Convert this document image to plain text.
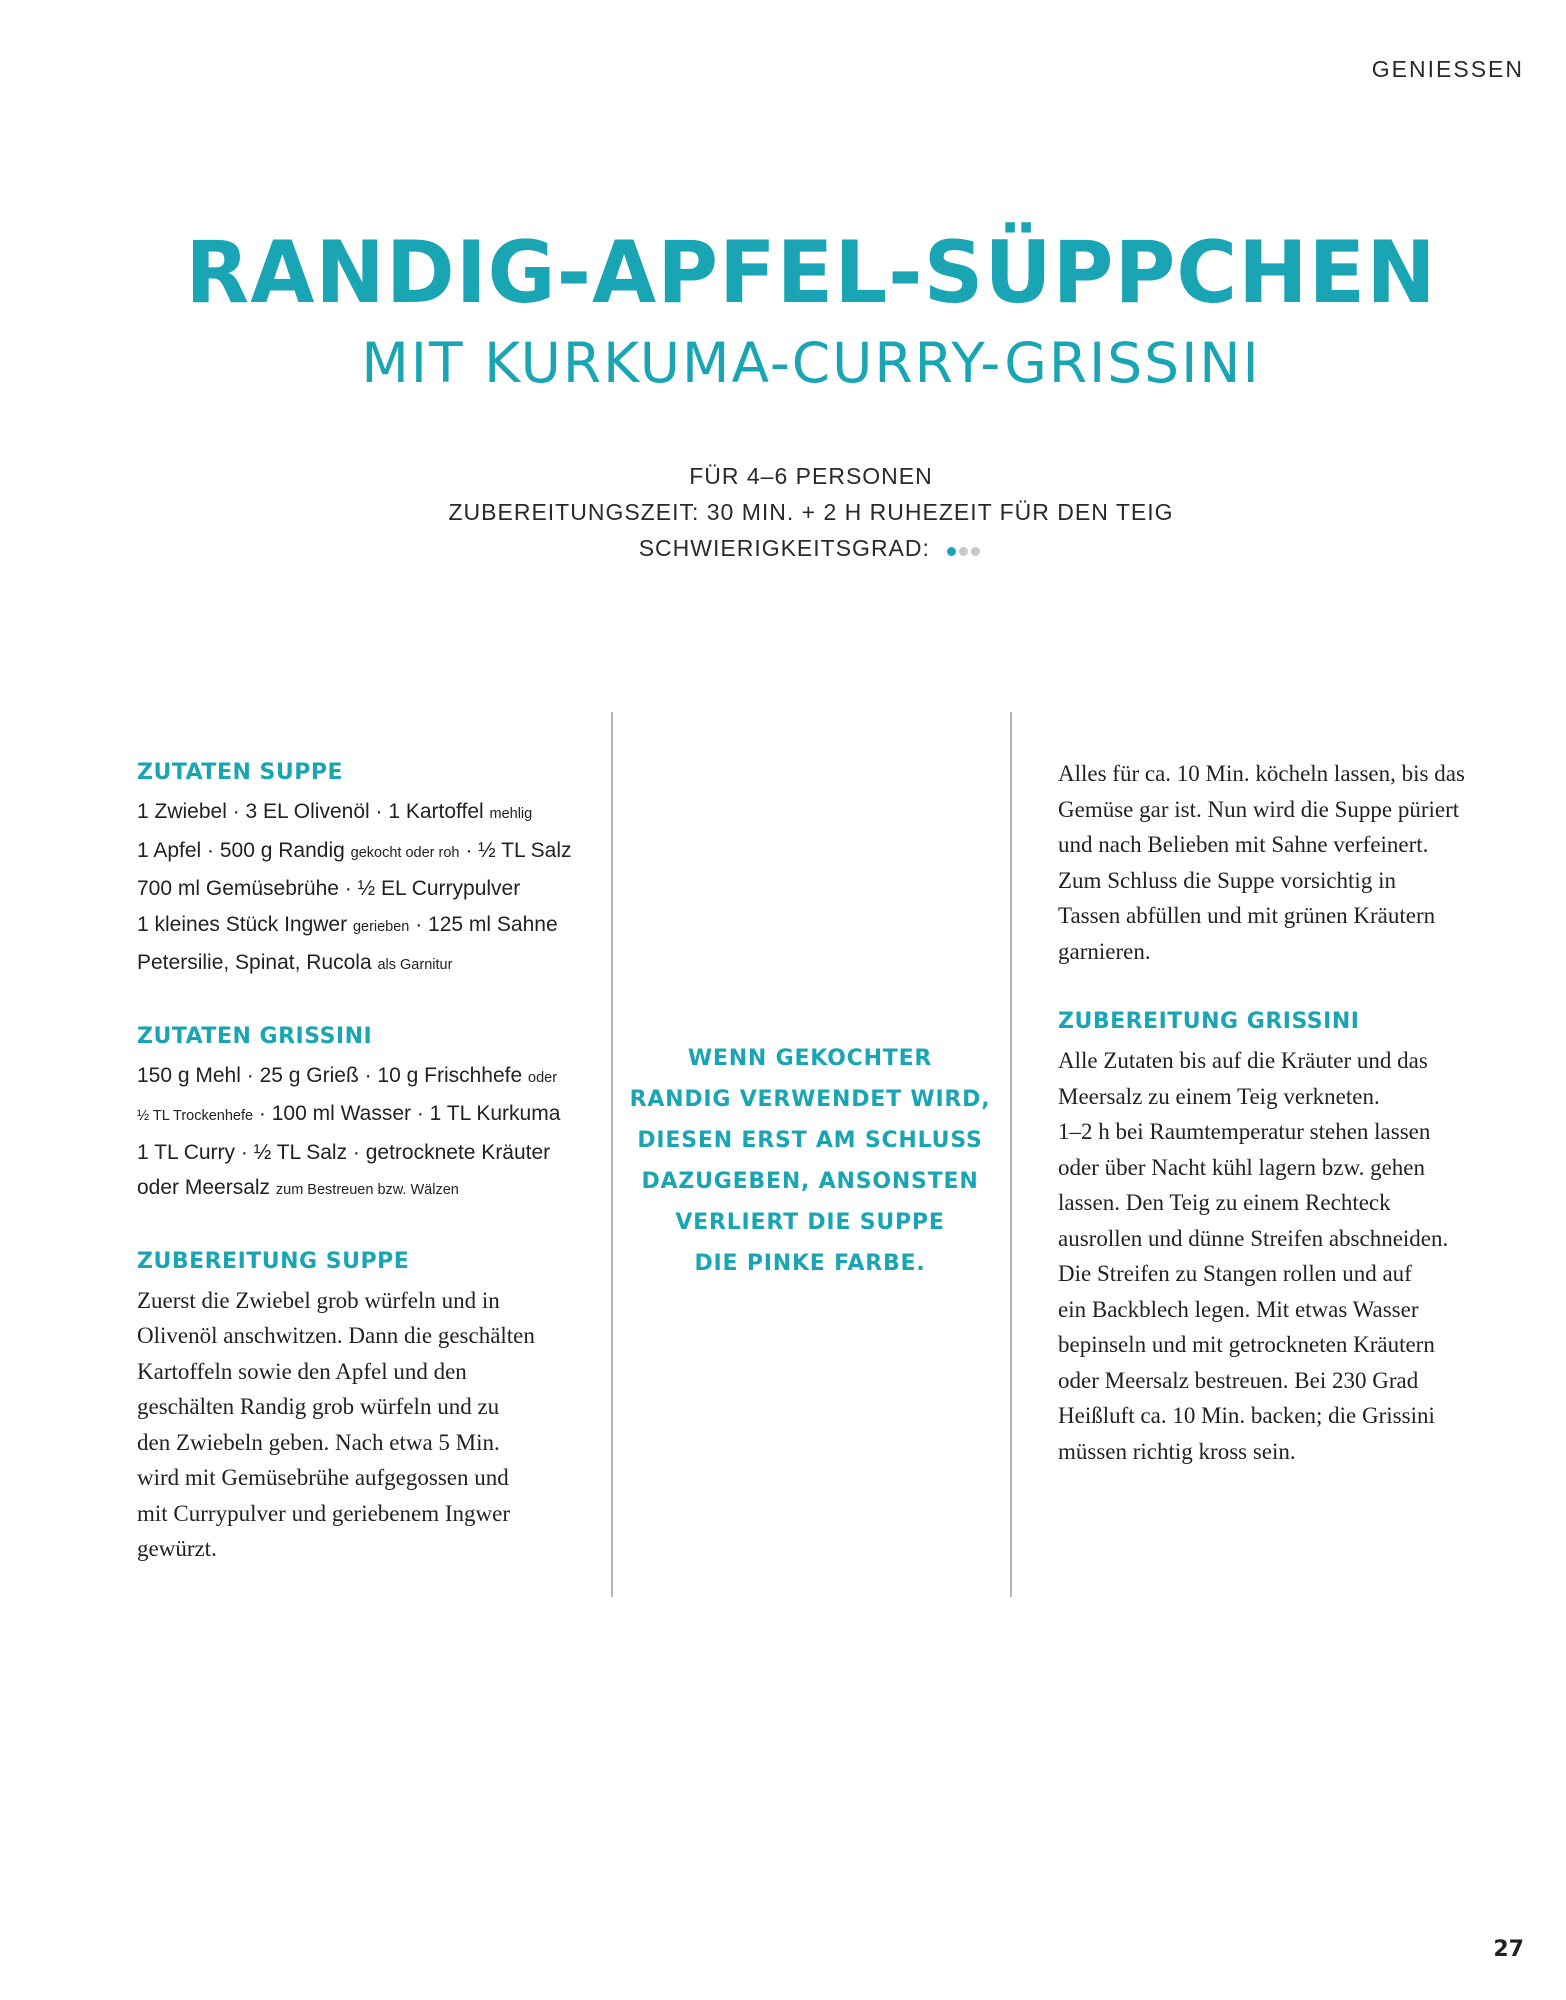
GENIESSEN
RANDIG-APFEL-SÜPPCHEN
MIT KURKUMA-CURRY-GRISSINI
FÜR 4–6 PERSONEN
ZUBEREITUNGSZEIT: 30 MIN. + 2 H RUHEZEIT FÜR DEN TEIG
SCHWIERIGKEITSGRAD:
ZUTATEN SUPPE
1 Zwiebel · 3 EL Olivenöl · 1 Kartoffel mehlig
1 Apfel · 500 g Randig gekocht oder roh · ½ TL Salz
700 ml Gemüsebrühe · ½ EL Currypulver
1 kleines Stück Ingwer gerieben · 125 ml Sahne
Petersilie, Spinat, Rucola als Garnitur
ZUTATEN GRISSINI
150 g Mehl · 25 g Grieß · 10 g Frischhefe oder
½ TL Trockenhefe · 100 ml Wasser · 1 TL Kurkuma
1 TL Curry · ½ TL Salz · getrocknete Kräuter
oder Meersalz zum Bestreuen bzw. Wälzen
ZUBEREITUNG SUPPE
Zuerst die Zwiebel grob würfeln und in
Olivenöl anschwitzen. Dann die geschälten
Kartoffeln sowie den Apfel und den
geschälten Randig grob würfeln und zu
den Zwiebeln geben. Nach etwa 5 Min.
wird mit Gemüsebrühe aufgegossen und
mit Currypulver und geriebenem Ingwer
gewürzt.
WENN GEKOCHTER
RANDIG VERWENDET WIRD,
DIESEN ERST AM SCHLUSS
DAZUGEBEN, ANSONSTEN
VERLIERT DIE SUPPE
DIE PINKE FARBE.
Alles für ca. 10 Min. köcheln lassen, bis das
Gemüse gar ist. Nun wird die Suppe püriert
und nach Belieben mit Sahne verfeinert.
Zum Schluss die Suppe vorsichtig in
Tassen abfüllen und mit grünen Kräutern
garnieren.
ZUBEREITUNG GRISSINI
Alle Zutaten bis auf die Kräuter und das
Meersalz zu einem Teig verkneten.
1–2 h bei Raumtemperatur stehen lassen
oder über Nacht kühl lagern bzw. gehen
lassen. Den Teig zu einem Rechteck
ausrollen und dünne Streifen abschneiden.
Die Streifen zu Stangen rollen und auf
ein Backblech legen. Mit etwas Wasser
bepinseln und mit getrockneten Kräutern
oder Meersalz bestreuen. Bei 230 Grad
Heißluft ca. 10 Min. backen; die Grissini
müssen richtig kross sein.
27
